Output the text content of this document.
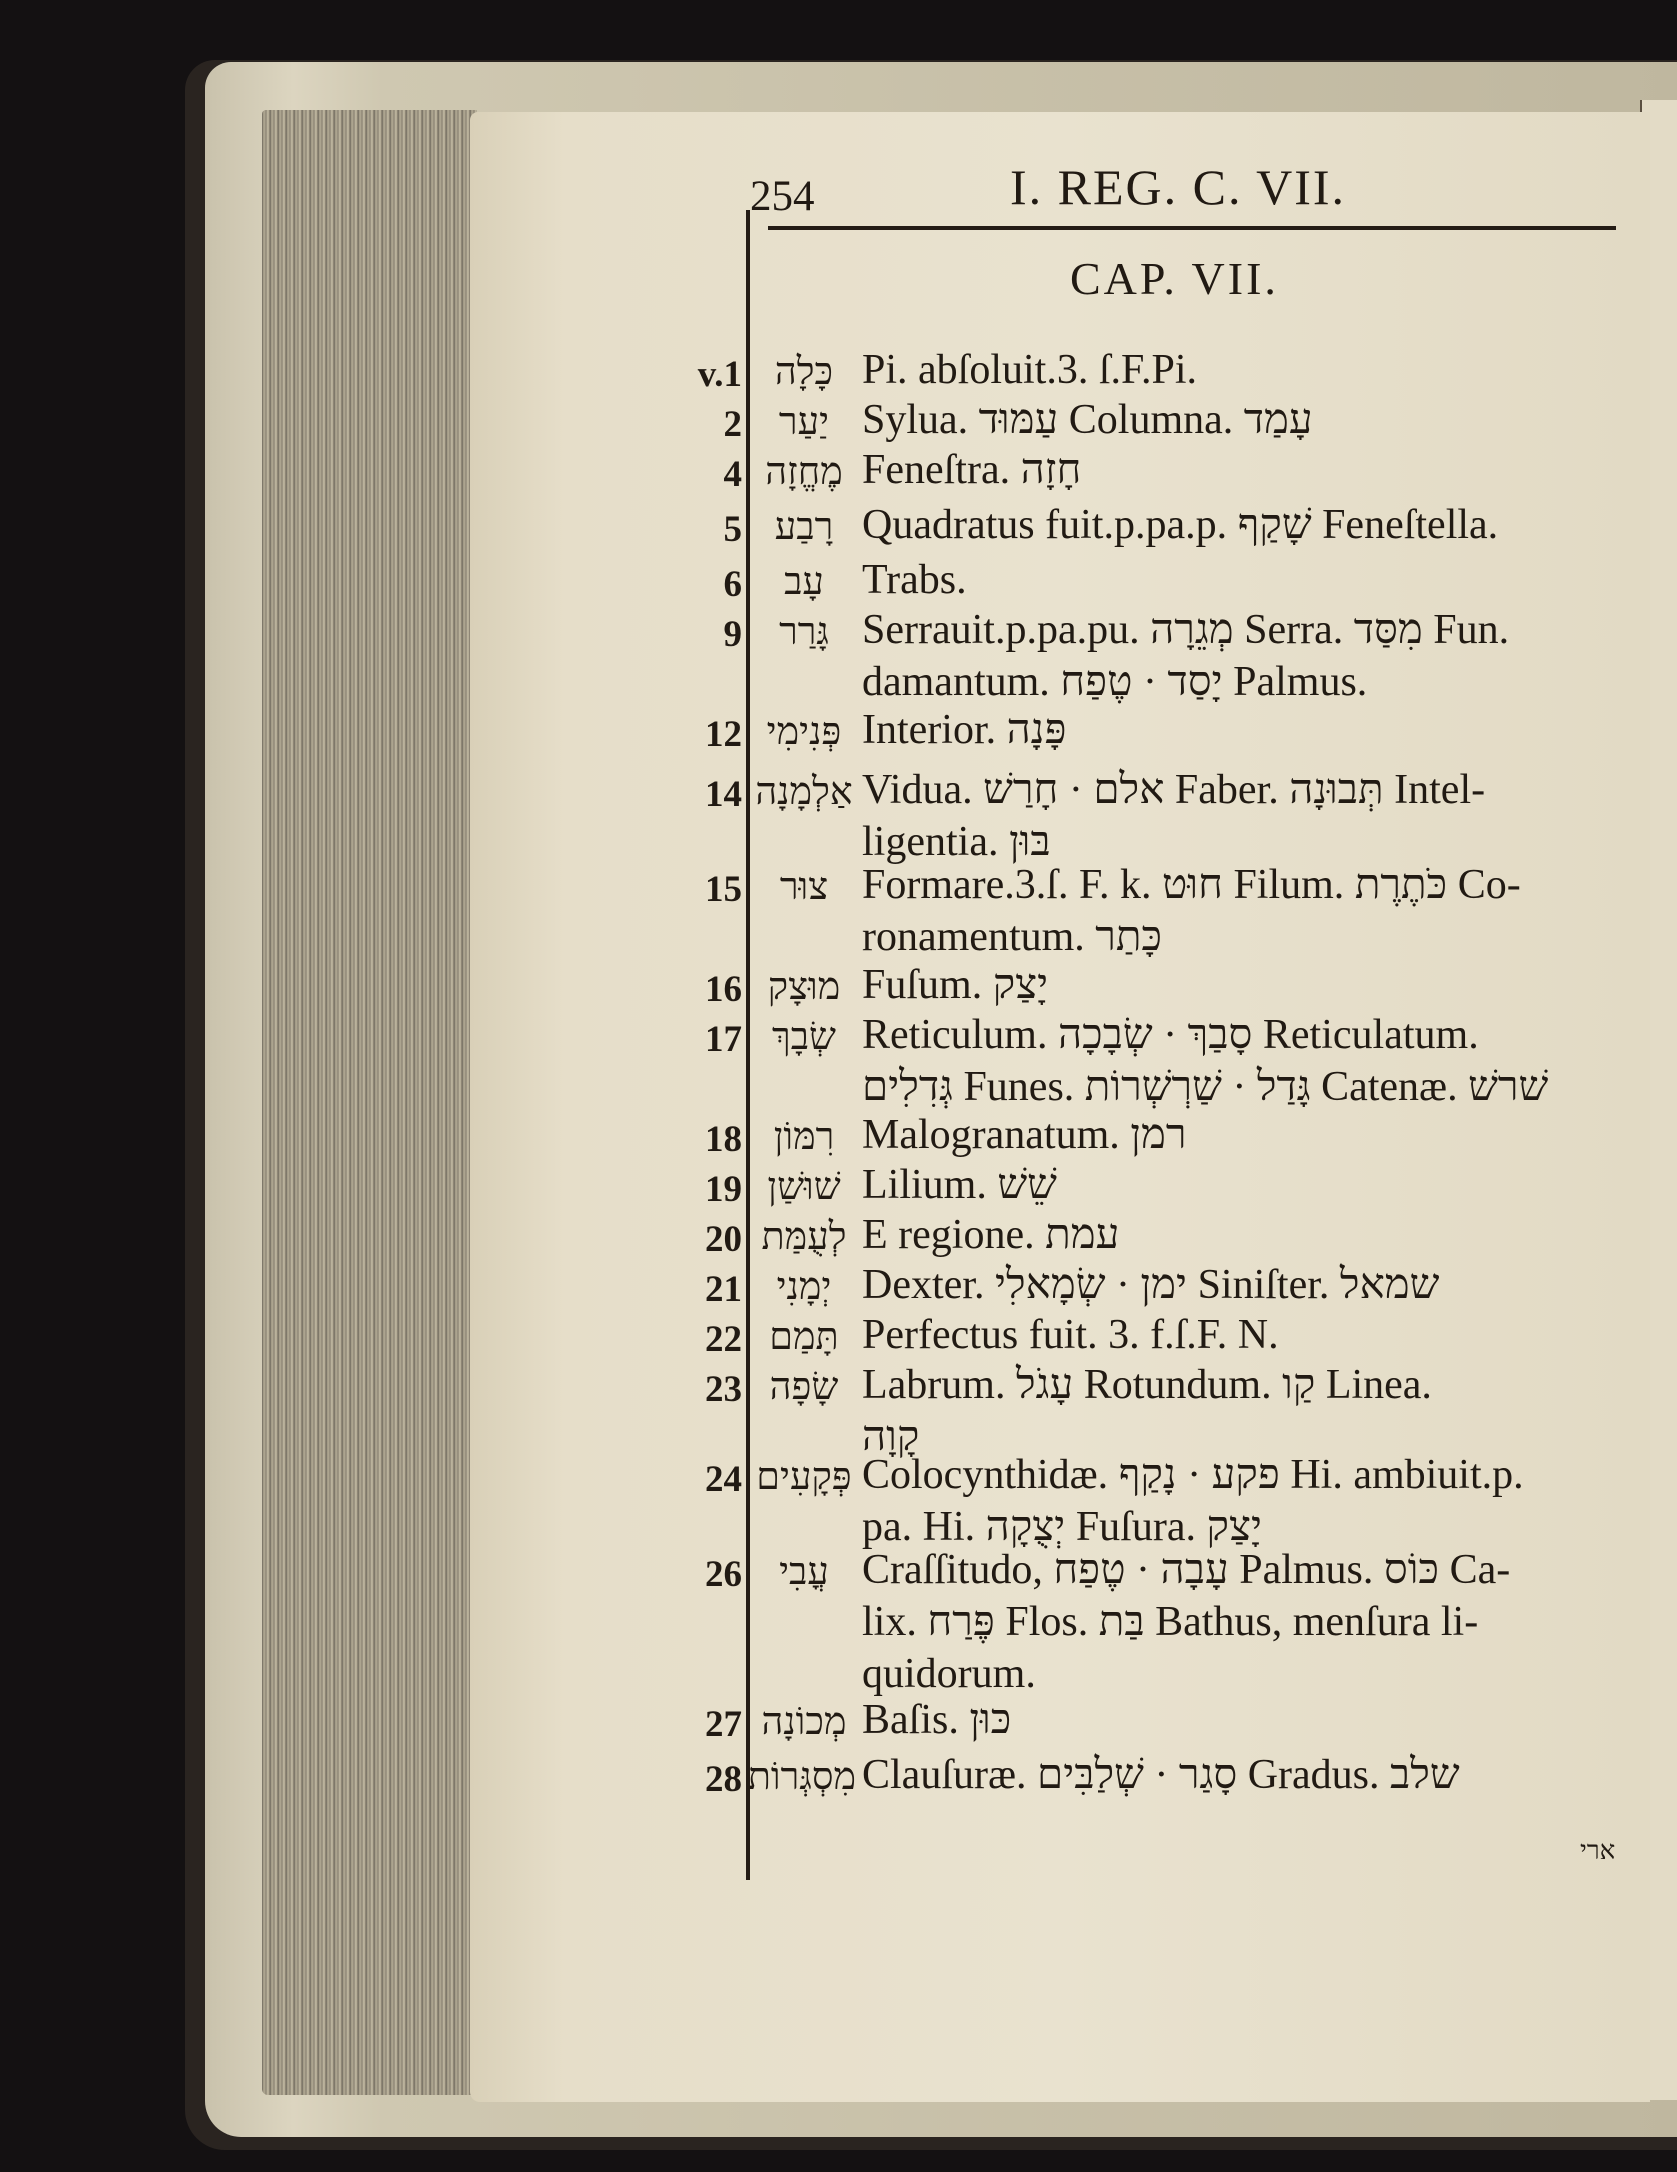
254	I. REG. C. VII.
CAP. VII.
v.1 כָּלָה Pi. abſoluit.3. ſ.F.Pi.
2 יַעַר Sylua. עַמּוּד Columna. עָמַד
4 מֶחֱזָה Feneſtra. חָזָה
5 רָבַע Quadratus fuit.p.pa.p. שָׁקַף Feneſtella.
6	עָב Trabs.
9 גָּרַר Serrauit.p.pa.pu. מְגֵרָה Serra. מִסַּד Fun.
damantum. יָסַד · טֶפַח Palmus.
12 פְּנִימִי Interior. פָּנָה
14 אַלְמָנָה Vidua. אלם · חָרַשׁ Faber. תְּבוּנָה Intel-
ligentia. בּוּן
15 צוּר Formare.3.ſ. F. k. חוּט Filum. כֹּתֶרֶת Co-
ronamentum. כָּתַר
16 מוּצָק Fuſum. יָצַק
17 שְׂבָךְ Reticulum. סָבַךְ · שְׂבָכָה Reticulatum.
גְּדִלִים Funes. גָּדַל · שַׁרְשְׁרוֹת Catenæ. שׁרשׁ
18 רִמּוֹן Malogranatum. רמן
19 שׁוּשַׁן Lilium. שֵׁשׁ
20 לְעֻמַּת E regione. עמת
21 יְמָנִי Dexter. ימן · שְׂמָאלִי Siniſter. שמאל
22 תָּמַם Perfectus fuit. 3. f.ſ.F. N.
23 שָׂפָה Labrum. עָגֹל Rotundum. קַו Linea.
קָוָה
24 פְּקָעִים Colocynthidæ. פקע · נָקַף Hi. ambiuit.p.
pa. Hi. יְצֻקָה Fuſura. יָצַק
26 עֳבִי Craſſitudo, עָבָה · טֶפַח Palmus. כּוֹס Ca-
lix. פֶּרַח Flos. בַּת Bathus, menſura li-
quidorum.
27 מְכוֹנָה Baſis. כּוּן
28 מִסְגְּרוֹת Clauſuræ. סָגַר · שְׁלַבִּים Gradus. שלב
ארי
